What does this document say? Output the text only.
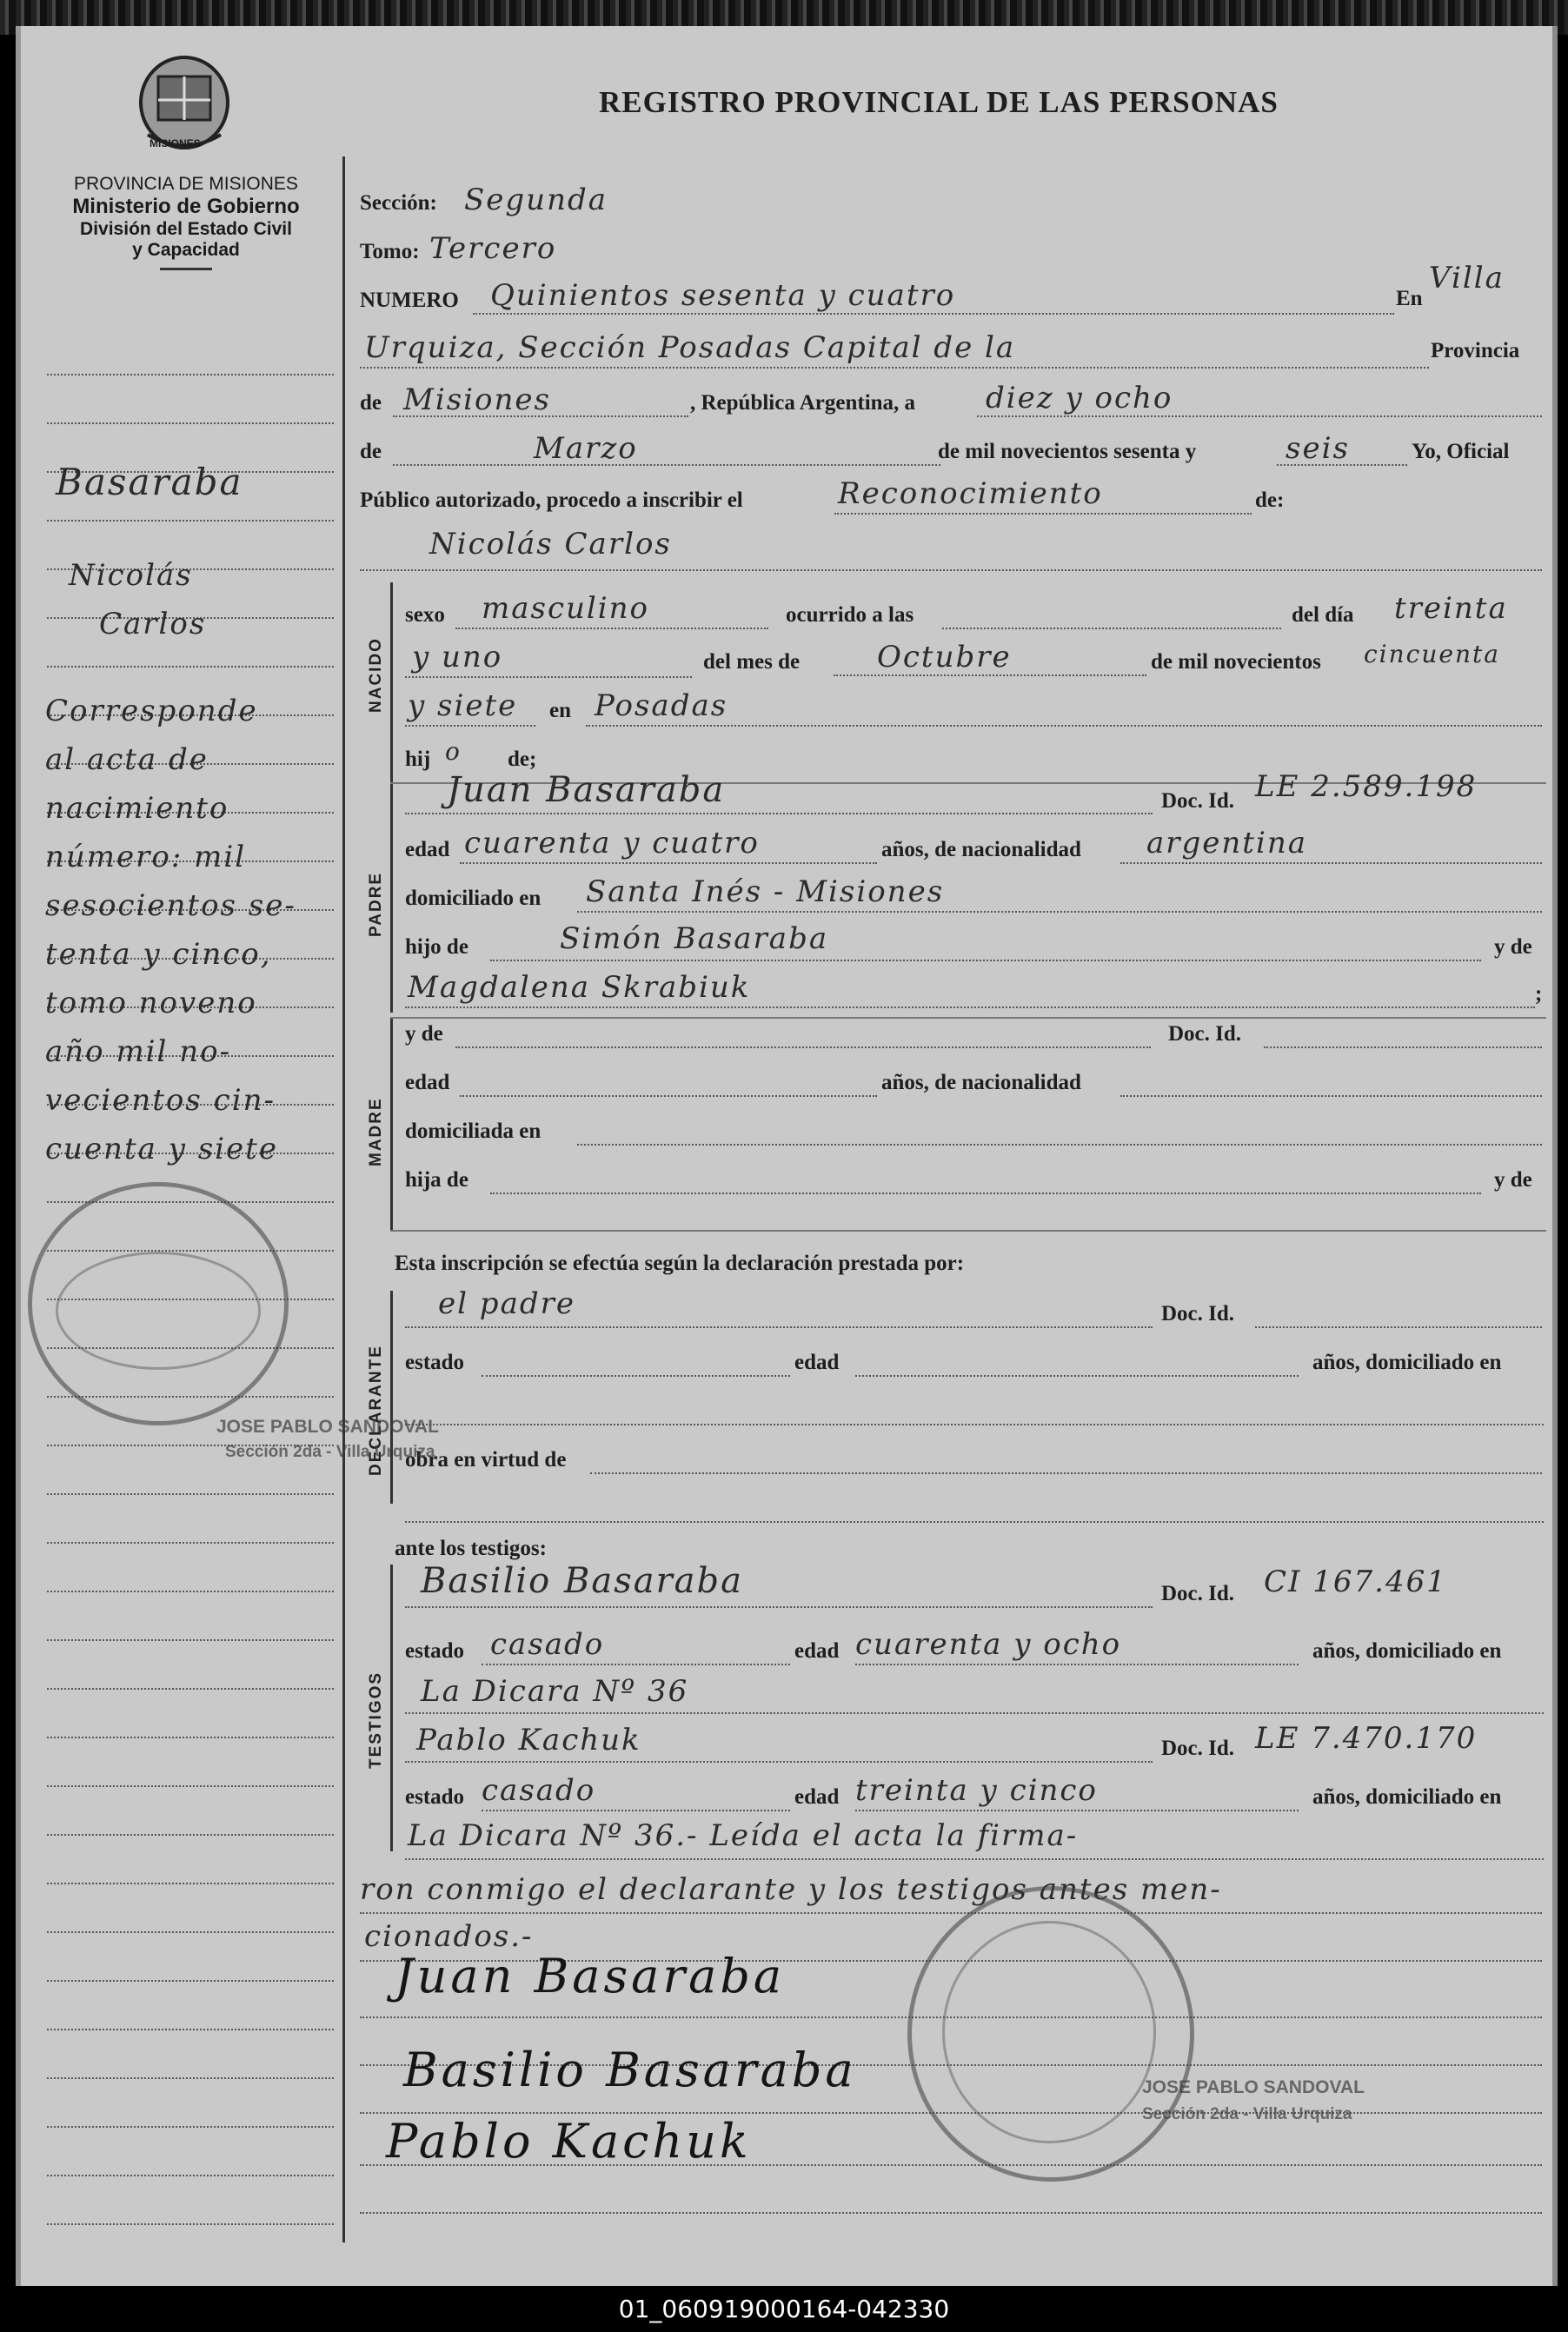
MISIONES
PROVINCIA DE MISIONES
Ministerio de Gobierno
División del Estado Civil
y Capacidad
REGISTRO PROVINCIAL DE LAS PERSONAS
Basaraba
Nicolás
Carlos
Corresponde
al acta de
nacimiento
número: mil
sesocientos se-
tenta y cinco,
tomo noveno
año mil no-
vecientos cin-
cuenta y siete
Sección: Segunda
Tomo: Tercero
NUMERO Quinientos sesenta y cuatro	En
Villa
Urquiza, Sección Posadas Capital de la	Provincia
de Misiones	, República Argentina, a diez y ocho
de	Marzo	de mil novecientos sesenta y	seis	Yo, Oficial
Público autorizado, procedo a inscribir el	Reconocimiento	de:
Nicolás Carlos
NACIDO
sexo masculino	ocurrido a las	del día treinta
y uno	del mes de	Octubre	de mil novecientos cincuenta
y siete en Posadas
hij o de;
PADRE
Juan Basaraba	Doc. Id. LE 2.589.198
edad cuarenta y cuatro	años, de nacionalidad argentina
domiciliado en Santa Inés - Misiones
hijo de	Simón Basaraba	y de
Magdalena Skrabiuk	;
MADRE
y de	Doc. Id.
edad	años, de nacionalidad
domiciliada en
hija de	y de
Esta inscripción se efectúa según la declaración prestada por:
DECLARANTE
el padre	Doc. Id.
estado	edad	años, domiciliado en
obra en virtud de
ante los testigos:
TESTIGOS
Basilio Basaraba	Doc. Id. CI 167.461
estado casado	edad cuarenta y ocho	años, domiciliado en
La Dicara Nº 36
Pablo Kachuk	Doc. Id. LE 7.470.170
estado casado	edad treinta y cinco	años, domiciliado en
La Dicara Nº 36.- Leída el acta la firma-
ron conmigo el declarante y los testigos antes men-
cionados.-
Juan Basaraba
Basilio Basaraba
Pablo Kachuk
JOSE PABLO SANDOVAL
Sección 2da - Villa Urquiza
JOSE PABLO SANDOVAL
Sección 2da - Villa Urquiza
01_060919000164-042330
